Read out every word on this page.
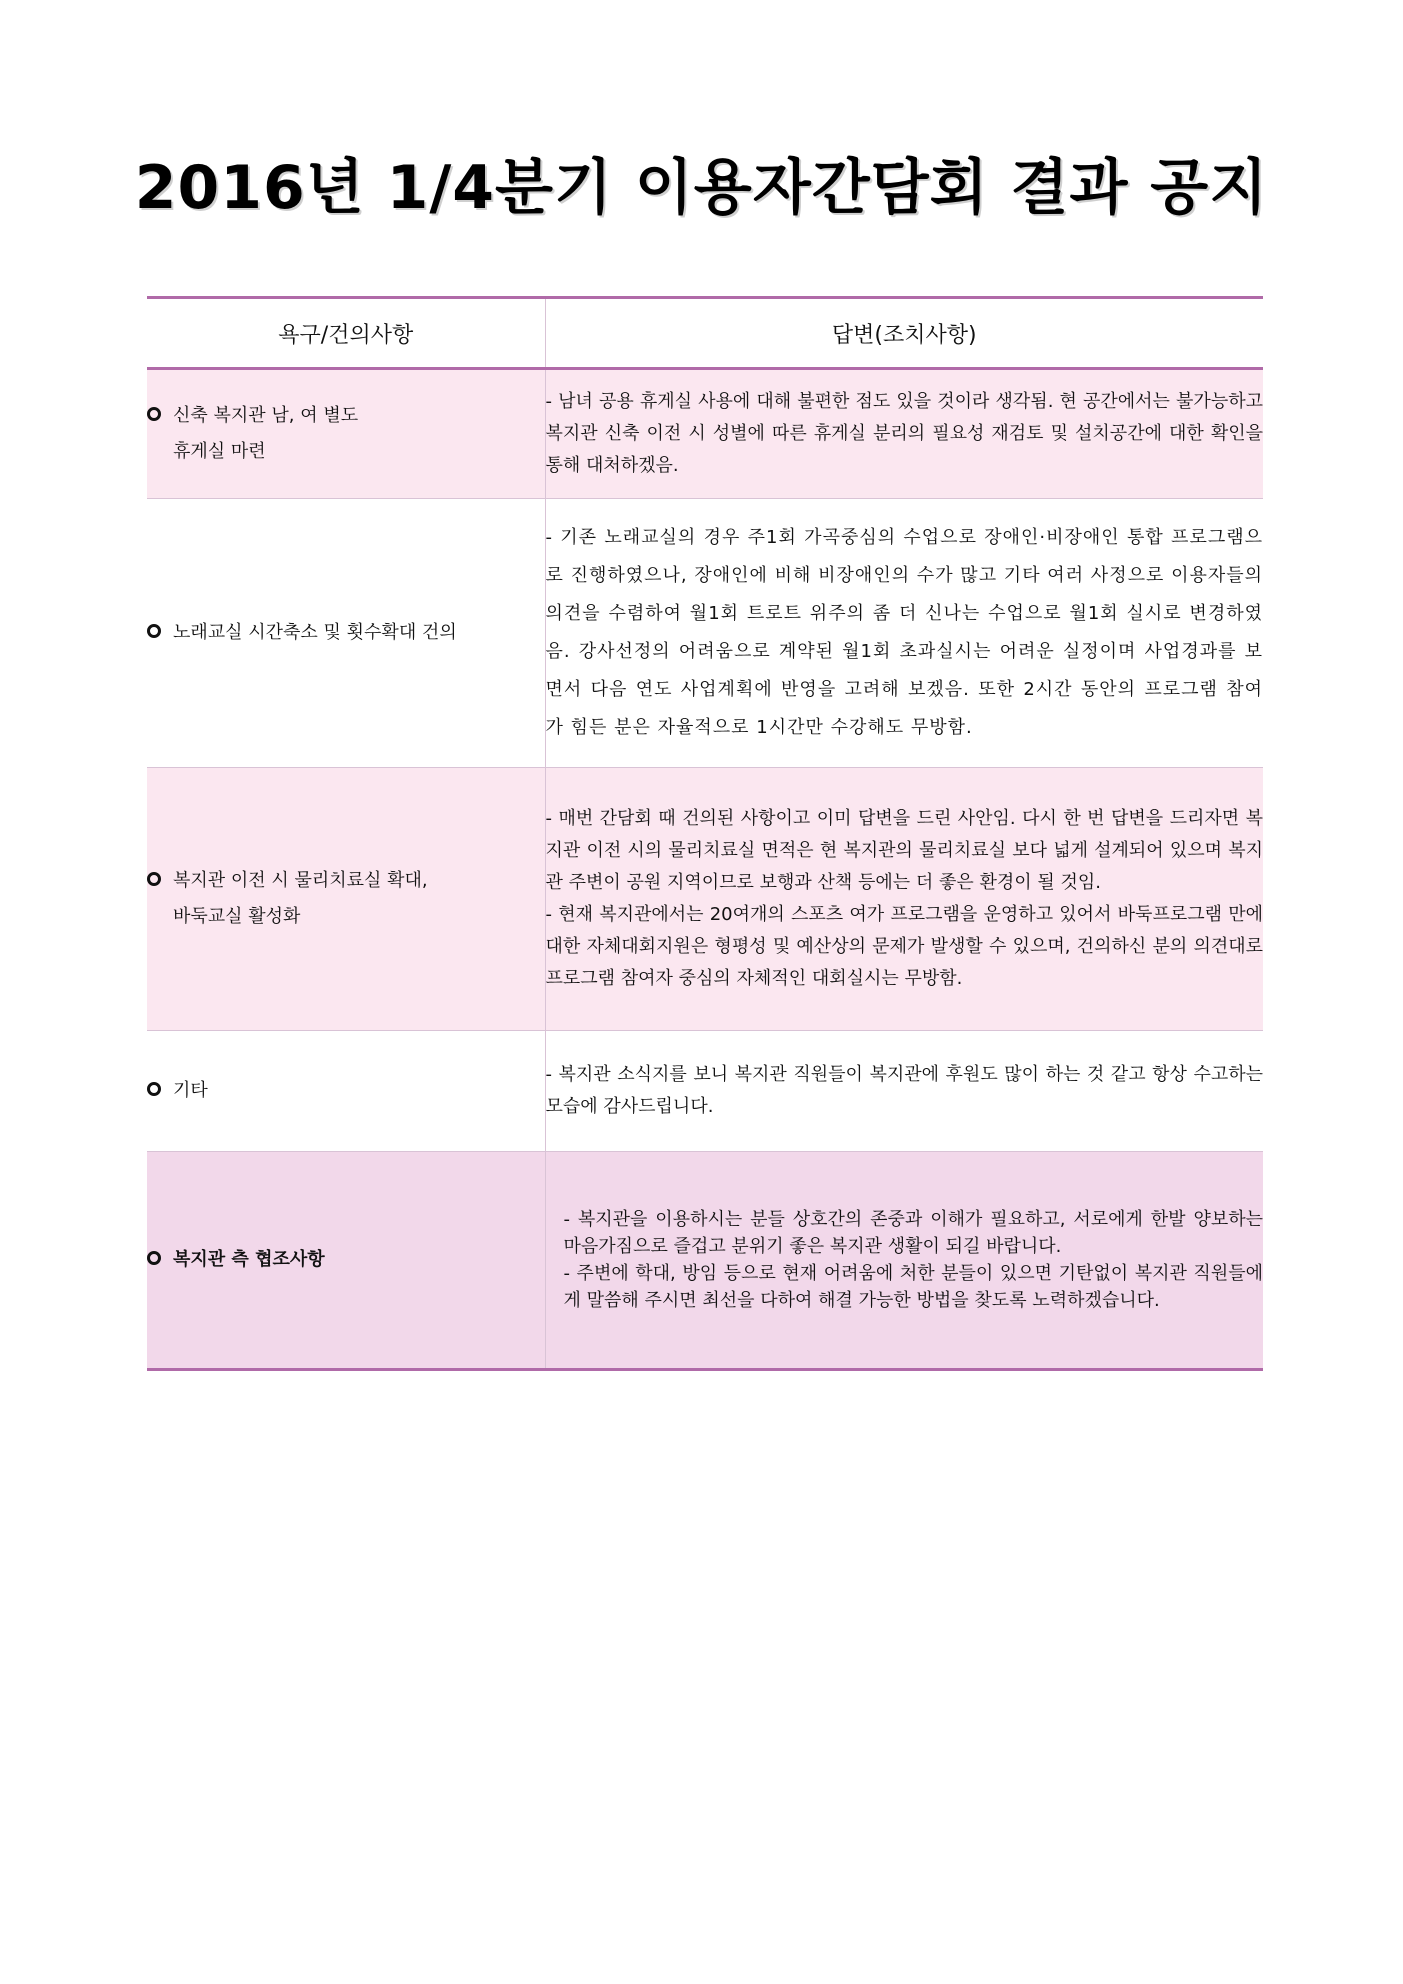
2016년 1/4분기 이용자간담회 결과 공지
욕구/건의사항	답변(조치사항)

신축 복지관 남, 여 별도
휴게실 마련	- 남녀 공용 휴게실 사용에 대해 불편한 점도 있을 것이라 생각됨. 현 공간에서는 불가능하고 복지관 신축 이전 시 성별에 따른 휴게실 분리의 필요성 재검토 및 설치공간에 대한 확인을 통해 대처하겠음.

노래교실 시간축소 및 횟수확대 건의	- 기존 노래교실의 경우 주1회 가곡중심의 수업으로 장애인·비장애인 통합 프로그램으로 진행하였으나, 장애인에 비해 비장애인의 수가 많고 기타 여러 사정으로 이용자들의 의견을 수렴하여 월1회 트로트 위주의 좀 더 신나는 수업으로 월1회 실시로 변경하였음. 강사선정의 어려움으로 계약된 월1회 초과실시는 어려운 실정이며 사업경과를 보면서 다음 연도 사업계획에 반영을 고려해 보겠음. 또한 2시간 동안의 프로그램 참여가 힘든 분은 자율적으로 1시간만 수강해도 무방함.

복지관 이전 시 물리치료실 확대,
바둑교실 활성화	- 매번 간담회 때 건의된 사항이고 이미 답변을 드린 사안임. 다시 한 번 답변을 드리자면 복지관 이전 시의 물리치료실 면적은 현 복지관의 물리치료실 보다 넓게 설계되어 있으며 복지관 주변이 공원 지역이므로 보행과 산책 등에는 더 좋은 환경이 될 것임.
- 현재 복지관에서는 20여개의 스포츠 여가 프로그램을 운영하고 있어서 바둑프로그램 만에 대한 자체대회지원은 형평성 및 예산상의 문제가 발생할 수 있으며, 건의하신 분의 의견대로 프로그램 참여자 중심의 자체적인 대회실시는 무방함.

기타	- 복지관 소식지를 보니 복지관 직원들이 복지관에 후원도 많이 하는 것 같고 항상 수고하는 모습에 감사드립니다.

복지관 측 협조사항	- 복지관을 이용하시는 분들 상호간의 존중과 이해가 필요하고, 서로에게 한발 양보하는 마음가짐으로 즐겁고 분위기 좋은 복지관 생활이 되길 바랍니다.
- 주변에 학대, 방임 등으로 현재 어려움에 처한 분들이 있으면 기탄없이 복지관 직원들에게 말씀해 주시면 최선을 다하여 해결 가능한 방법을 찾도록 노력하겠습니다.
